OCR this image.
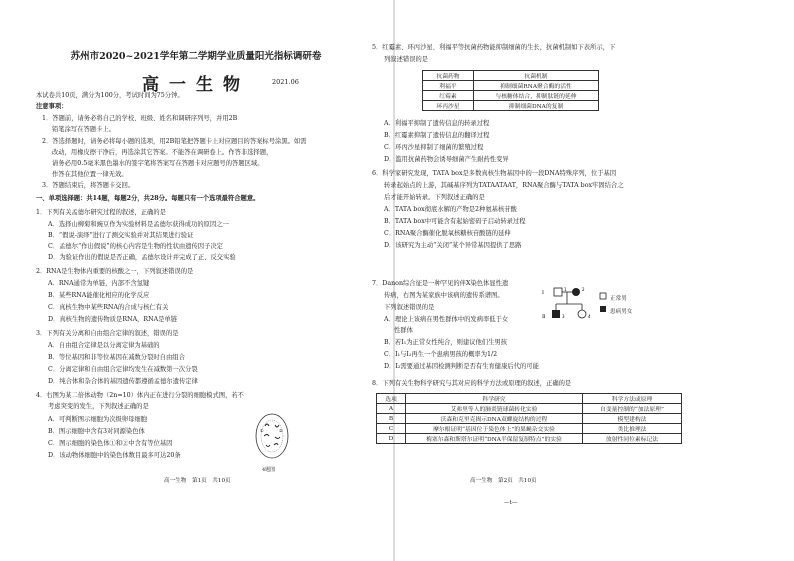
苏州市2020~2021学年第二学期学业质量阳光指标调研卷
高一生物	2021.06
本试卷共10页，满分为100分，考试时间为75分钟。
注意事项：
1．答题前，请务必将自己的学校、班级、姓名和调研序列号，并用2B
铅笔涂写在答题卡上。
2．答选择题时，请务必将每小题的选项，用2B铅笔把答题卡上对应题目的答案标号涂黑。如需
改动，用橡皮擦干净后，再选涂其它答案。不能答在调研卷上。作答非选择题，
请务必用0.5毫米黑色墨水的签字笔将答案写在答题卡对应题号的答题区域。
作答在其他位置一律无效。
3．答题结束后，将答题卡交回。
一、单项选择题：共14题，每题2分，共28分。每题只有一个选项最符合题意。
1．下列有关孟德尔研究过程的叙述，正确的是
A．选择山柳菊和豌豆作为实验材料是孟德尔获得成功的原因之一
B．“假说-演绎”进行了测交实验并对其结果进行验证
C．孟德尔“作出假说”的核心内容是生物的性状由遗传因子决定
D．为验证作出的假说是否正确，孟德尔设计并完成了正、反交实验
2．RNA是生物体内重要的核酸之一，下列叙述错误的是
A．RNA通常为单链，内部不含氢键
B．某些RNA能催化相应的化学反应
C．真核生物中某些RNA的合成与核仁有关
D．真核生物的遗传物质是RNA，RNA是单链
3．下列有关分离和自由组合定律的叙述，错误的是
A．自由组合定律是以分离定律为基础的
B．等位基因和非等位基因在减数分裂时自由组合
C．分离定律和自由组合定律均发生在减数第一次分裂
D．纯合体和杂合体的基因遗传都遵循孟德尔遗传定律
4．右图为某二倍体动物（2n=10）体内正在进行分裂的细胞模式图，若不
考虑突变的发生，下列叙述正确的是
A．可判断图示细胞为次级卵母细胞
B．图示细胞中含有3对同源染色体
C．图示细胞的染色体①和②中含有等位基因
D．该动物体细胞中的染色体数目最多可达20条
①	②
4题图
高一生物　第1页　共10页
5．红霉素、环丙沙星、利福平等抗菌药物能抑制细菌的生长，抗菌机制如下表所示，下
列叙述错误的是
抗菌药物	抗菌机制
利福平	抑制细菌RNA聚合酶的活性
红霉素	与核糖体结合，抑制肽链的延伸
环丙沙星	抑制细菌DNA的复制
A．利福平抑制了遗传信息的转录过程
B．红霉素抑制了遗传信息的翻译过程
C．环丙沙星抑制了细菌的繁殖过程
D．滥用抗菌药物会诱导细菌产生耐药性变异
6．科学家研究发现，TATA box是多数真核生物基因中的一段DNA特殊序列，位于基因
转录起始点的上游，其碱基序列为TATAATAAT，RNA聚合酶与TATA box牢固结合之
后才能开始转录。下列叙述正确的是
A．TATA box彻底水解的产物是2种氨基核苷酸
B．TATA box中可能含有起始密码子启动转录过程
C．RNA聚合酶催化脱氧核糖核苷酸链的延伸
D．该研究为主动“关闭”某个异常基因提供了思路
7．Danon综合征是一种罕见的伴X染色体显性遗
传病，右图为某家族中该病的遗传系谱图。
下列叙述错误的是
A．理论上该病在男性群体中的发病率低于女
性群体
B．若Ⅰ₁为正常女性纯合，则建议他们生男孩
C．Ⅰ₁与Ⅰ₂再生一个患病男孩的概率为1/2
D．Ⅰ₂需要通过基因检测判断是否有生育健康后代的可能
Ⅰ
Ⅱ
1	2
3	4
正常男
患病男女
8．下列有关生物科学研究与其对应的科学方法或原理的叙述，正确的是
选项	科学研究	科学方法或原理
A	艾弗里等人的肺炎链球菌转化实验	自变量控制的“加法原理”
B	沃森和克里克揭示DNA双螺旋结构的过程	模型建构法
C	摩尔根证明“基因位于染色体上”的果蝇杂交实验	类比推理法
D	梅塞尔森和斯塔尔证明“DNA半保留复制特点”的实验	放射性同位素标记法
高一生物　第2页　共10页
—t—
